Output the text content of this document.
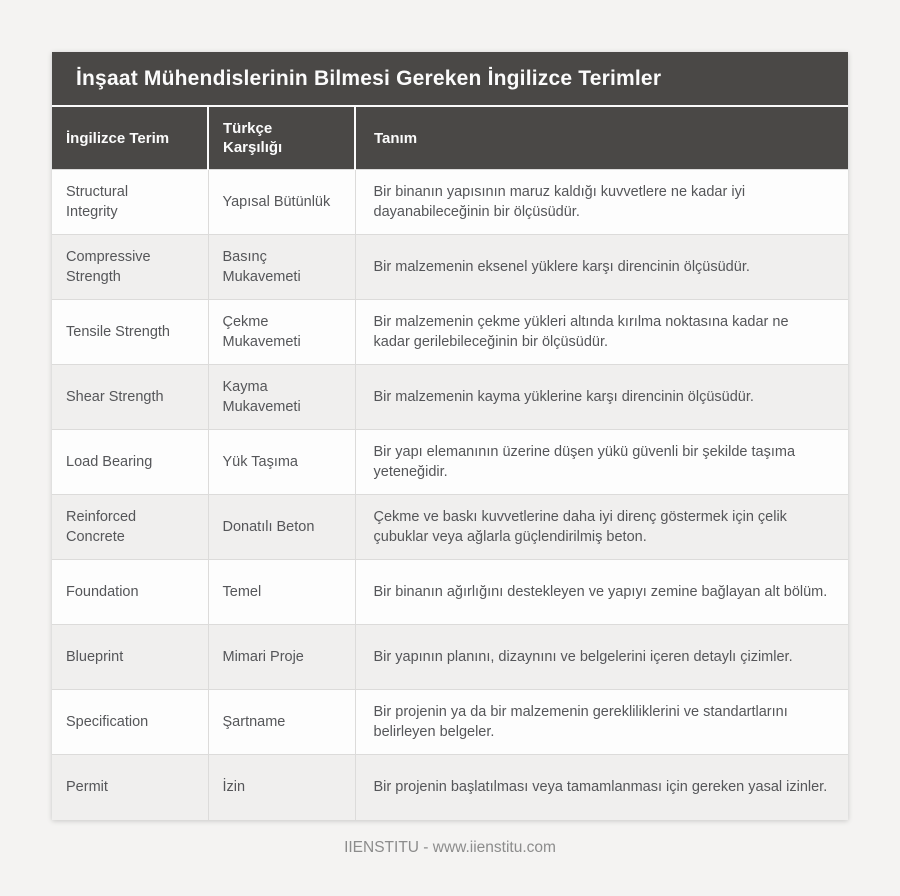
İnşaat Mühendislerinin Bilmesi Gereken İngilizce Terimler
İngilizce Terim	Türkçe Karşılığı	Tanım
Structural Integrity	Yapısal Bütünlük	Bir binanın yapısının maruz kaldığı kuvvetlere ne kadar iyi dayanabileceğinin bir ölçüsüdür.
Compressive Strength	Basınç Mukavemeti	Bir malzemenin eksenel yüklere karşı direncinin ölçüsüdür.
Tensile Strength	Çekme Mukavemeti	Bir malzemenin çekme yükleri altında kırılma noktasına kadar ne kadar gerilebileceğinin bir ölçüsüdür.
Shear Strength	Kayma Mukavemeti	Bir malzemenin kayma yüklerine karşı direncinin ölçüsüdür.
Load Bearing	Yük Taşıma	Bir yapı elemanının üzerine düşen yükü güvenli bir şekilde taşıma yeteneğidir.
Reinforced Concrete	Donatılı Beton	Çekme ve baskı kuvvetlerine daha iyi direnç göstermek için çelik çubuklar veya ağlarla güçlendirilmiş beton.
Foundation	Temel	Bir binanın ağırlığını destekleyen ve yapıyı zemine bağlayan alt bölüm.
Blueprint	Mimari Proje	Bir yapının planını, dizaynını ve belgelerini içeren detaylı çizimler.
Specification	Şartname	Bir projenin ya da bir malzemenin gerekliliklerini ve standartlarını belirleyen belgeler.
Permit	İzin	Bir projenin başlatılması veya tamamlanması için gereken yasal izinler.
IIENSTITU - www.iienstitu.com
